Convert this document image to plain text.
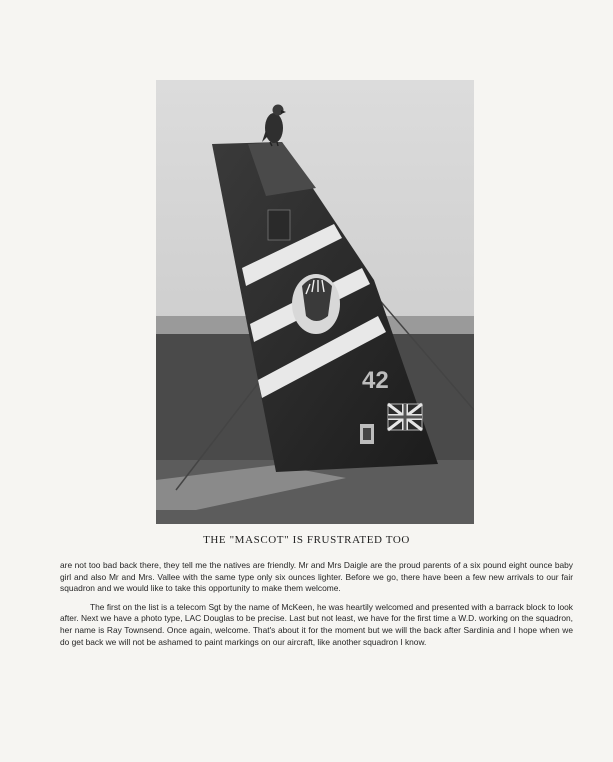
42
THE "MASCOT" IS FRUSTRATED TOO

are not too bad back there, they tell me the natives are friendly. Mr and Mrs Daigle are the proud parents of a six pound eight ounce baby girl and also Mr and Mrs. Vallee with the same type only six ounces lighter. Before we go, there have been a few new arrivals to our fair squadron and we would like to take this opportunity to make them welcome.

The first on the list is a telecom Sgt by the name of McKeen, he was heartily welcomed and presented with a barrack block to look after. Next we have a photo type, LAC Douglas to be precise. Last but not least, we have for the first time a W.D. working on the squadron, her name is Ray Townsend. Once again, welcome. That's about it for the moment but we will the back after Sardinia and I hope when we do get back we will not be ashamed to paint markings on our aircraft, like another squadron I know.
